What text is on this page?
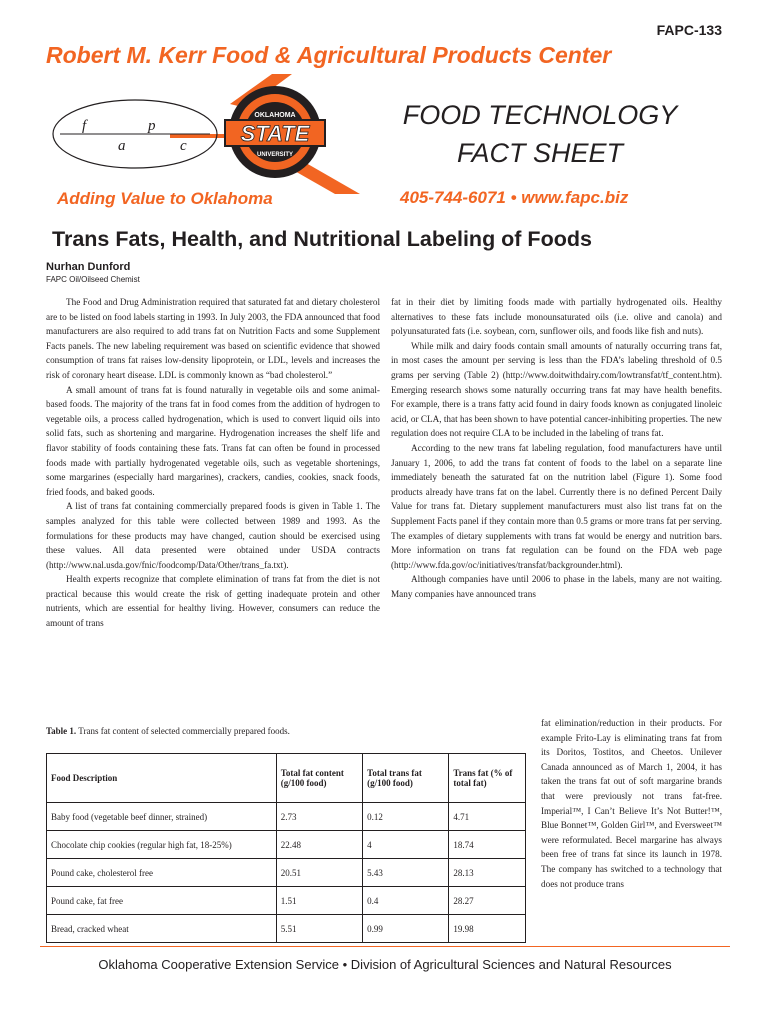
FAPC-133
Robert M. Kerr Food & Agricultural Products Center
f
a
p
c
OKLAHOMA
STATE
UNIVERSITY
FOOD TECHNOLOGY
FACT SHEET
Adding Value to Oklahoma	405-744-6071 • www.fapc.biz
Trans Fats, Health, and Nutritional Labeling of Foods
Nurhan Dunford
FAPC Oil/Oilseed Chemist

The Food and Drug Administration required that saturated fat and dietary cholesterol are to be listed on food labels starting in 1993. In July 2003, the FDA announced that food manufacturers are also required to add trans fat on Nutrition Facts and some Supplement Facts panels. The new labeling requirement was based on scientific evidence that showed consumption of trans fat raises low-density lipoprotein, or LDL, levels and increases the risk of coronary heart disease. LDL is commonly known as “bad cholesterol.”

A small amount of trans fat is found naturally in vegetable oils and some animal-based foods. The majority of the trans fat in food comes from the addition of hydrogen to vegetable oils, a process called hydrogenation, which is used to convert liquid oils into solid fats, such as shortening and margarine. Hydrogenation increases the shelf life and flavor stability of foods containing these fats. Trans fat can often be found in processed foods made with partially hydrogenated vegetable oils, such as vegetable shortenings, some margarines (especially hard margarines), crackers, candies, cookies, snack foods, fried foods, and baked goods.

A list of trans fat containing commercially prepared foods is given in Table 1. The samples analyzed for this table were collected between 1989 and 1993. As the formulations for these products may have changed, caution should be exercised using these values. All data presented were obtained under USDA contracts (http://www.nal.usda.gov/fnic/foodcomp/Data/Other/trans_fa.txt).

Health experts recognize that complete elimination of trans fat from the diet is not practical because this would create the risk of getting inadequate protein and other nutrients, which are essential for healthy living. However, consumers can reduce the amount of trans

fat in their diet by limiting foods made with partially hydrogenated oils. Healthy alternatives to these fats include monounsaturated oils (i.e. olive and canola) and polyunsaturated fats (i.e. soybean, corn, sunflower oils, and foods like fish and nuts).

While milk and dairy foods contain small amounts of naturally occurring trans fat, in most cases the amount per serving is less than the FDA’s labeling threshold of 0.5 grams per serving (Table 2) (http://www.doitwithdairy.com/lowtransfat/tf_content.htm). Emerging research shows some naturally occurring trans fat may have health benefits. For example, there is a trans fatty acid found in dairy foods known as conjugated linoleic acid, or CLA, that has been shown to have potential cancer-inhibiting properties. The new regulation does not require CLA to be included in the labeling of trans fat.

According to the new trans fat labeling regulation, food manufacturers have until January 1, 2006, to add the trans fat content of foods to the label on a separate line immediately beneath the saturated fat on the nutrition label (Figure 1). Some food products already have trans fat on the label. Currently there is no defined Percent Daily Value for trans fat. Dietary supplement manufacturers must also list trans fat on the Supplement Facts panel if they contain more than 0.5 grams or more trans fat per serving. The examples of dietary supplements with trans fat would be energy and nutrition bars. More information on trans fat regulation can be found on the FDA web page (http://www.fda.gov/oc/initiatives/transfat/backgrounder.html).

Although companies have until 2006 to phase in the labels, many are not waiting. Many companies have announced trans

fat elimination/reduction in their products. For example Frito-Lay is eliminating trans fat from its Doritos, Tostitos, and Cheetos. Unilever Canada announced as of March 1, 2004, it has taken the trans fat out of soft margarine brands that were previously not trans fat-free. Imperial™, I Can’t Believe It’s Not Butter!™, Blue Bonnet™, Golden Girl™, and Eversweet™ were reformulated. Becel margarine has always been free of trans fat since its launch in 1978. The company has switched to a technology that does not produce trans

Table 1. Trans fat content of selected commercially prepared foods.
Food Description	Total fat content (g/100 food)	Total trans fat (g/100 food)	Trans fat (% of total fat)
Baby food (vegetable beef dinner, strained)	2.73	0.12	4.71
Chocolate chip cookies (regular high fat, 18-25%)	22.48	4	18.74
Pound cake, cholesterol free	20.51	5.43	28.13
Pound cake, fat free	1.51	0.4	28.27
Bread, cracked wheat	5.51	0.99	19.98
Oklahoma Cooperative Extension Service • Division of Agricultural Sciences and Natural Resources
